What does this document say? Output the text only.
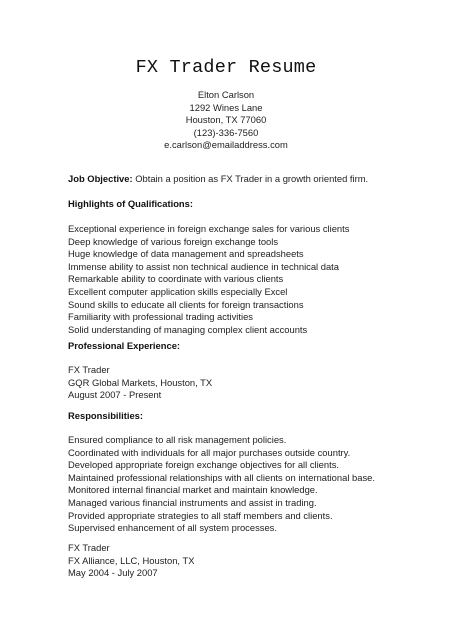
FX Trader Resume
Elton Carlson
1292 Wines Lane
Houston, TX 77060
(123)-336-7560
e.carlson@emailaddress.com
Job Objective: Obtain a position as FX Trader in a growth oriented firm.
Highlights of Qualifications:
Exceptional experience in foreign exchange sales for various clients
Deep knowledge of various foreign exchange tools
Huge knowledge of data management and spreadsheets
Immense ability to assist non technical audience in technical data
Remarkable ability to coordinate with various clients
Excellent computer application skills especially Excel
Sound skills to educate all clients for foreign transactions
Familiarity with professional trading activities
Solid understanding of managing complex client accounts
Professional Experience:
FX Trader
GQR Global Markets, Houston, TX
August 2007 - Present
Responsibilities:
Ensured compliance to all risk management policies.
Coordinated with individuals for all major purchases outside country.
Developed appropriate foreign exchange objectives for all clients.
Maintained professional relationships with all clients on international base.
Monitored internal financial market and maintain knowledge.
Managed various financial instruments and assist in trading.
Provided appropriate strategies to all staff members and clients.
Supervised enhancement of all system processes.
FX Trader
FX Alliance, LLC, Houston, TX
May 2004 - July 2007
